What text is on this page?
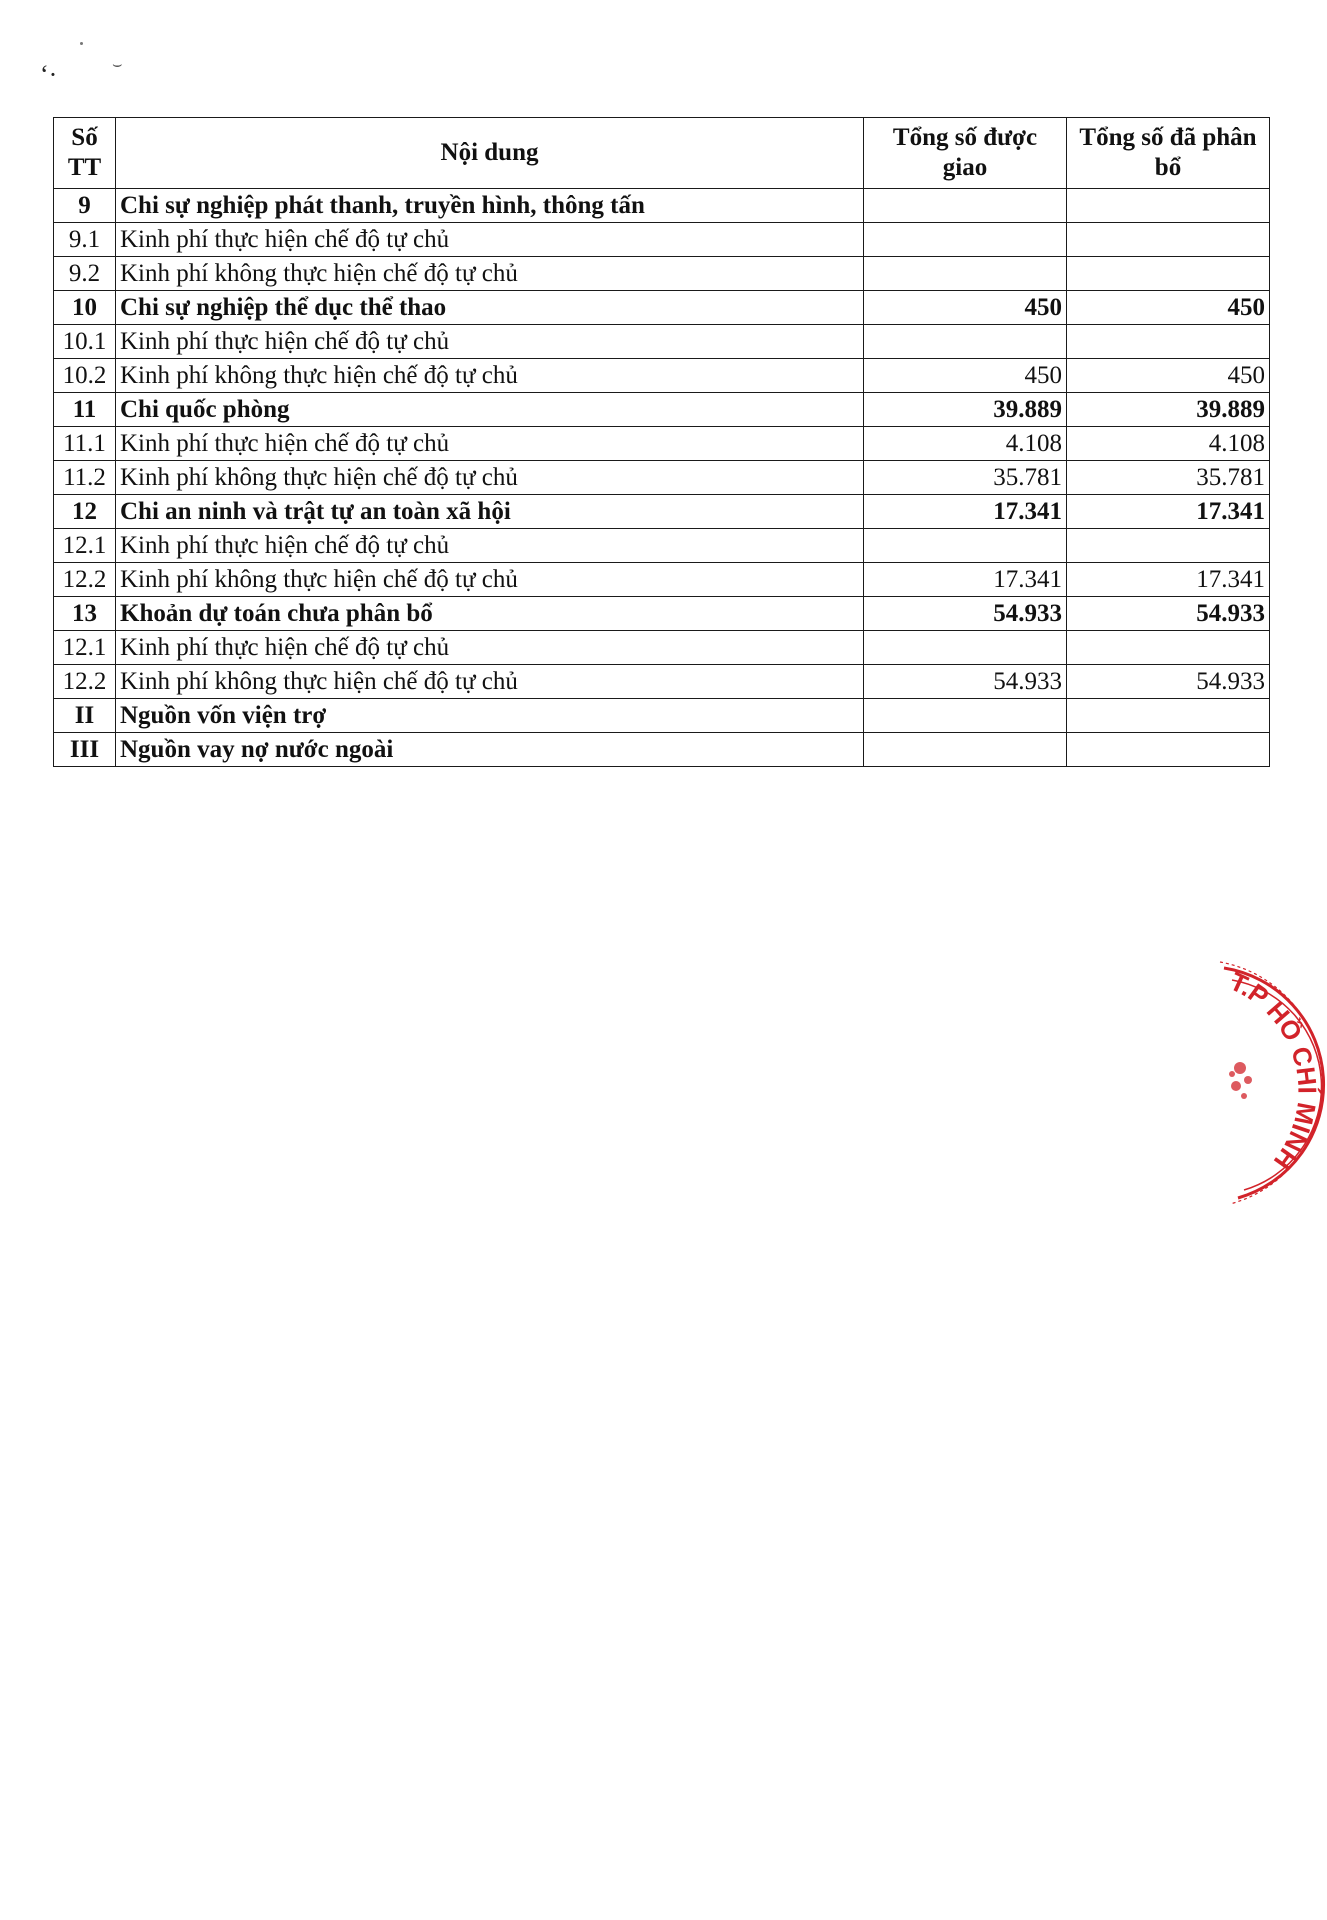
ʻ·	⌣
Số TT	Nội dung	Tổng số được giao	Tổng số đã phân bổ
9	Chi sự nghiệp phát thanh, truyền hình, thông tấn		
9.1	Kinh phí thực hiện chế độ tự chủ		
9.2	Kinh phí không thực hiện chế độ tự chủ		
10	Chi sự nghiệp thể dục thể thao	450	450
10.1	Kinh phí thực hiện chế độ tự chủ		
10.2	Kinh phí không thực hiện chế độ tự chủ	450	450
11	Chi quốc phòng	39.889	39.889
11.1	Kinh phí thực hiện chế độ tự chủ	4.108	4.108
11.2	Kinh phí không thực hiện chế độ tự chủ	35.781	35.781
12	Chi an ninh và trật tự an toàn xã hội	17.341	17.341
12.1	Kinh phí thực hiện chế độ tự chủ		
12.2	Kinh phí không thực hiện chế độ tự chủ	17.341	17.341
13	Khoản dự toán chưa phân bổ	54.933	54.933
12.1	Kinh phí thực hiện chế độ tự chủ		
12.2	Kinh phí không thực hiện chế độ tự chủ	54.933	54.933
II	Nguồn vốn viện trợ		
III	Nguồn vay nợ nước ngoài		
T.P HỒ CHÍ MINH
